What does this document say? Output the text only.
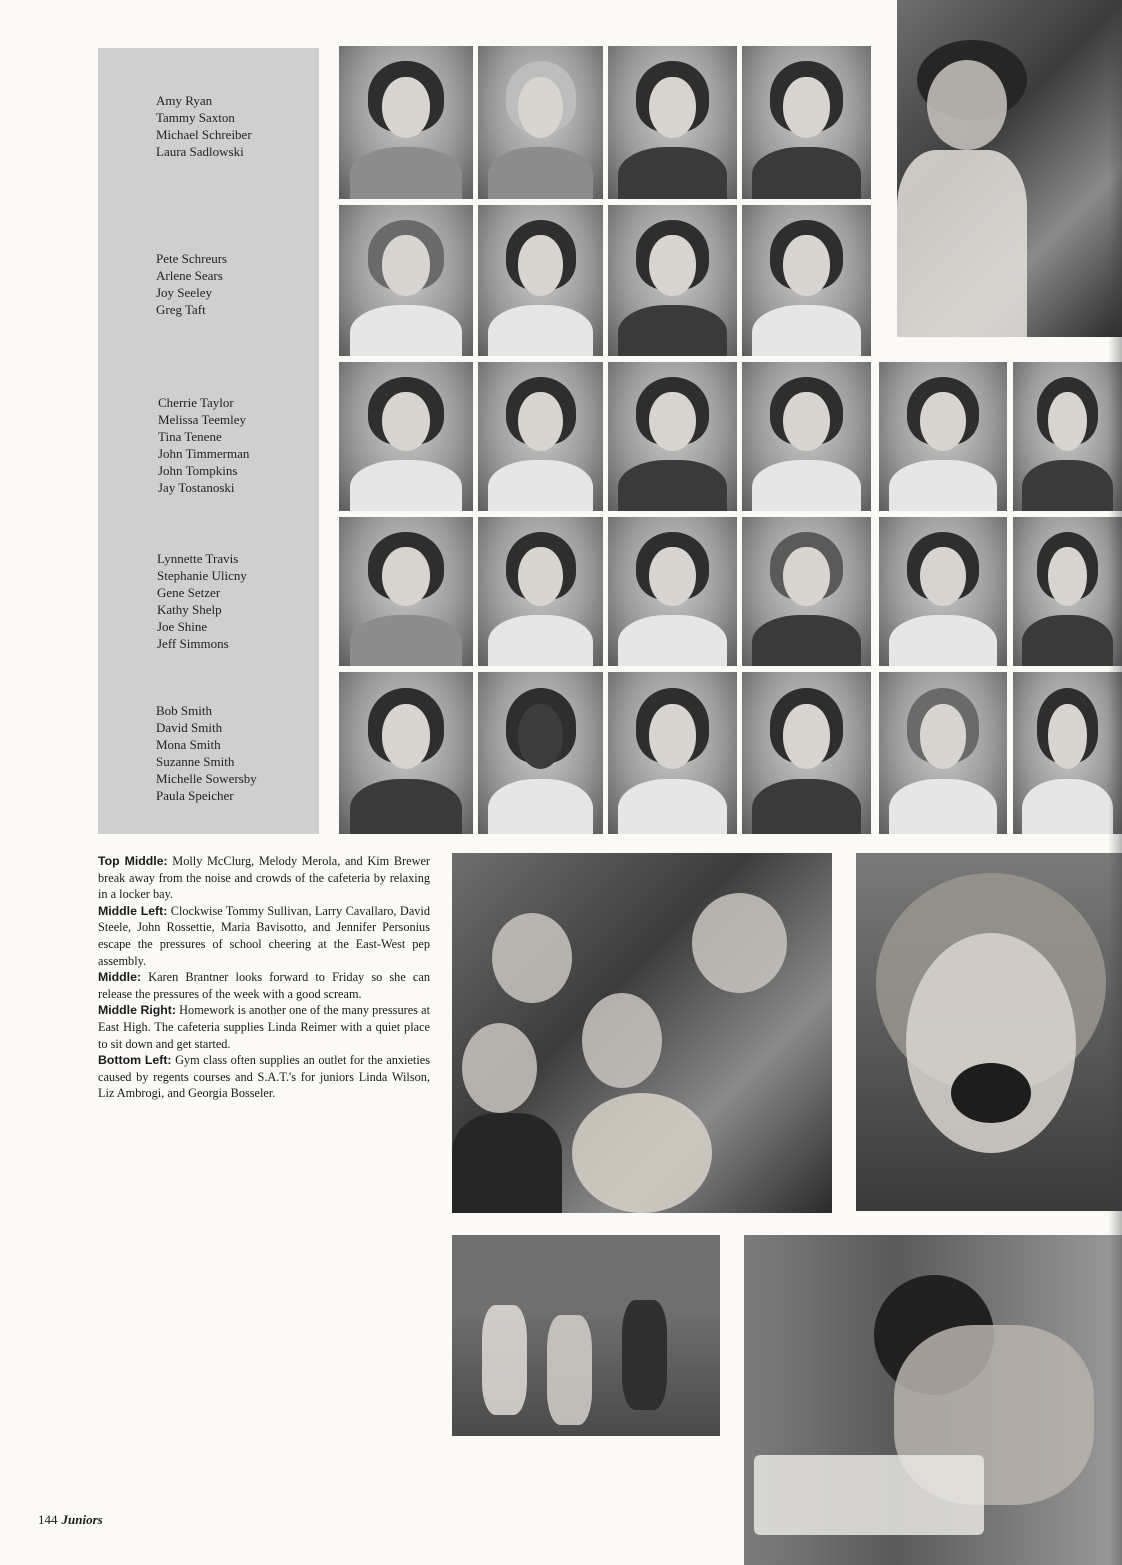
Amy Ryan
Tammy Saxton
Michael Schreiber
Laura Sadlowski
Pete Schreurs
Arlene Sears
Joy Seeley
Greg Taft
Cherrie Taylor
Melissa Teemley
Tina Tenene
John Timmerman
John Tompkins
Jay Tostanoski
Lynnette Travis
Stephanie Ulicny
Gene Setzer
Kathy Shelp
Joe Shine
Jeff Simmons
Bob Smith
David Smith
Mona Smith
Suzanne Smith
Michelle Sowersby
Paula Speicher
Top Middle: Molly McClurg, Melody Merola, and Kim Brewer break away from the noise and crowds of the cafeteria by relaxing in a locker bay.
Middle Left: Clockwise Tommy Sullivan, Larry Cavallaro, David Steele, John Rossettie, Maria Bavisotto, and Jennifer Personius escape the pressures of school cheering at the East-West pep assembly.
Middle: Karen Brantner looks forward to Friday so she can release the pressures of the week with a good scream.
Middle Right: Homework is another one of the many pressures at East High. The cafeteria supplies Linda Reimer with a quiet place to sit down and get started.
Bottom Left: Gym class often supplies an outlet for the anxieties caused by regents courses and S.A.T.'s for juniors Linda Wilson, Liz Ambrogi, and Georgia Bosseler.
144 Juniors
